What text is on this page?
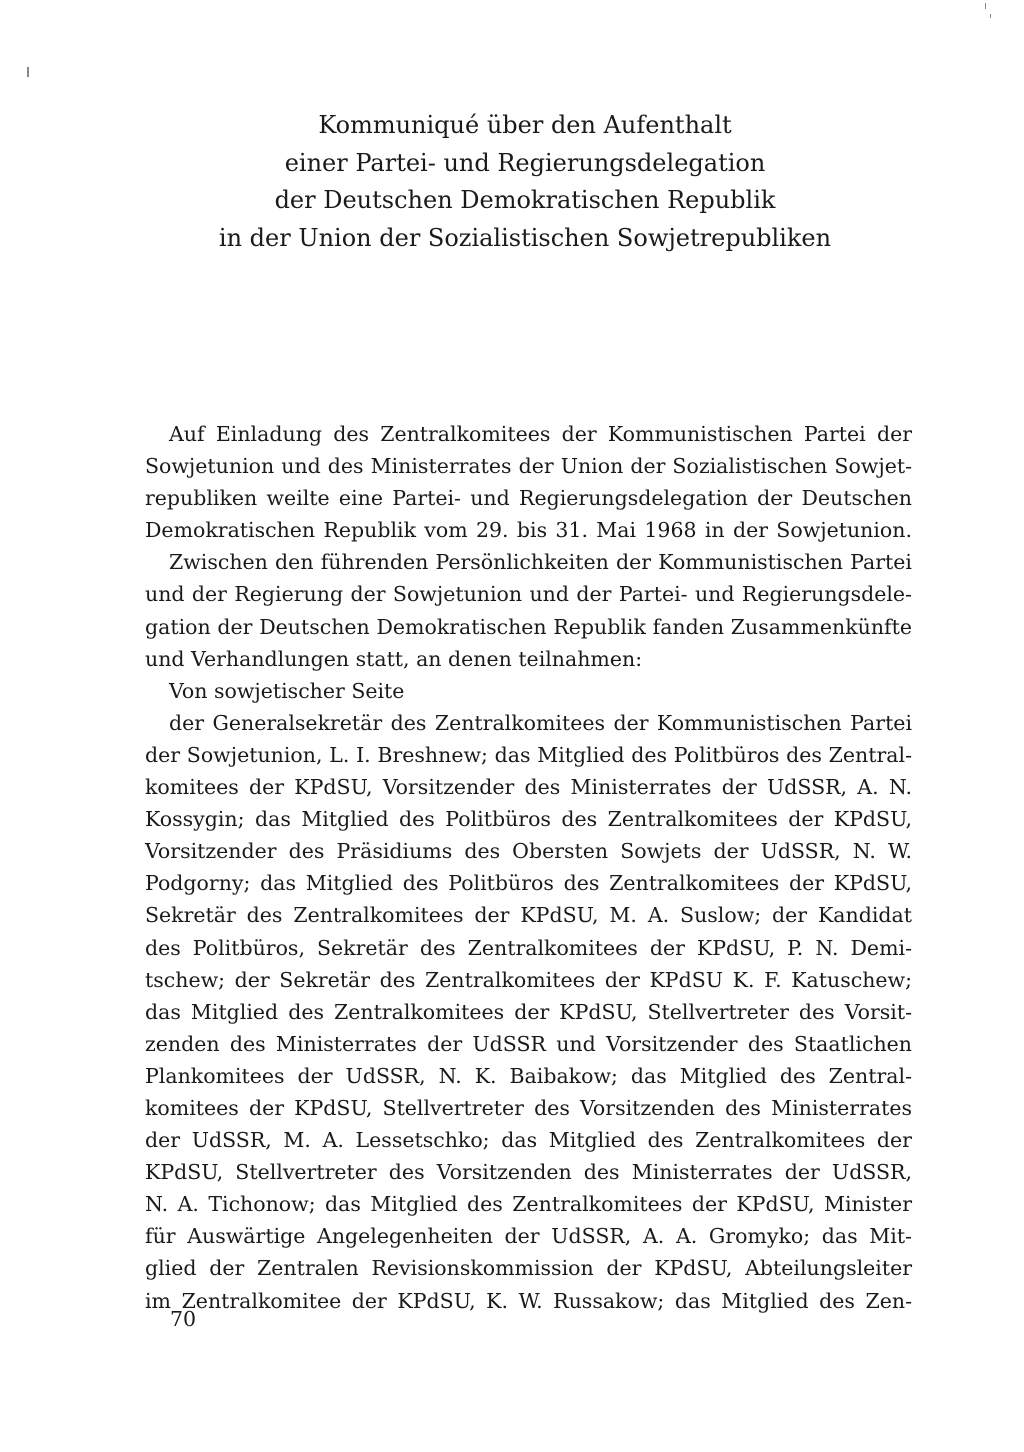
Kommuniqué über den Aufenthalt
einer Partei- und Regierungsdelegation
der Deutschen Demokratischen Republik
in der Union der Sozialistischen Sowjetrepubliken
Auf Einladung des Zentralkomitees der Kommunistischen Partei der
Sowjetunion und des Ministerrates der Union der Sozialistischen Sowjet-
republiken weilte eine Partei- und Regierungsdelegation der Deutschen
Demokratischen Republik vom 29. bis 31. Mai 1968 in der Sowjetunion.
Zwischen den führenden Persönlichkeiten der Kommunistischen Partei
und der Regierung der Sowjetunion und der Partei- und Regierungsdele-
gation der Deutschen Demokratischen Republik fanden Zusammenkünfte
und Verhandlungen statt, an denen teilnahmen:
Von sowjetischer Seite
der Generalsekretär des Zentralkomitees der Kommunistischen Partei
der Sowjetunion, L. I. Breshnew; das Mitglied des Politbüros des Zentral-
komitees der KPdSU, Vorsitzender des Ministerrates der UdSSR, A. N.
Kossygin; das Mitglied des Politbüros des Zentralkomitees der KPdSU,
Vorsitzender des Präsidiums des Obersten Sowjets der UdSSR, N. W.
Podgorny; das Mitglied des Politbüros des Zentralkomitees der KPdSU,
Sekretär des Zentralkomitees der KPdSU, M. A. Suslow; der Kandidat
des Politbüros, Sekretär des Zentralkomitees der KPdSU, P. N. Demi-
tschew; der Sekretär des Zentralkomitees der KPdSU K. F. Katuschew;
das Mitglied des Zentralkomitees der KPdSU, Stellvertreter des Vorsit-
zenden des Ministerrates der UdSSR und Vorsitzender des Staatlichen
Plankomitees der UdSSR, N. K. Baibakow; das Mitglied des Zentral-
komitees der KPdSU, Stellvertreter des Vorsitzenden des Ministerrates
der UdSSR, M. A. Lessetschko; das Mitglied des Zentralkomitees der
KPdSU, Stellvertreter des Vorsitzenden des Ministerrates der UdSSR,
N. A. Tichonow; das Mitglied des Zentralkomitees der KPdSU, Minister
für Auswärtige Angelegenheiten der UdSSR, A. A. Gromyko; das Mit-
glied der Zentralen Revisionskommission der KPdSU, Abteilungsleiter
im Zentralkomitee der KPdSU, K. W. Russakow; das Mitglied des Zen-
70
